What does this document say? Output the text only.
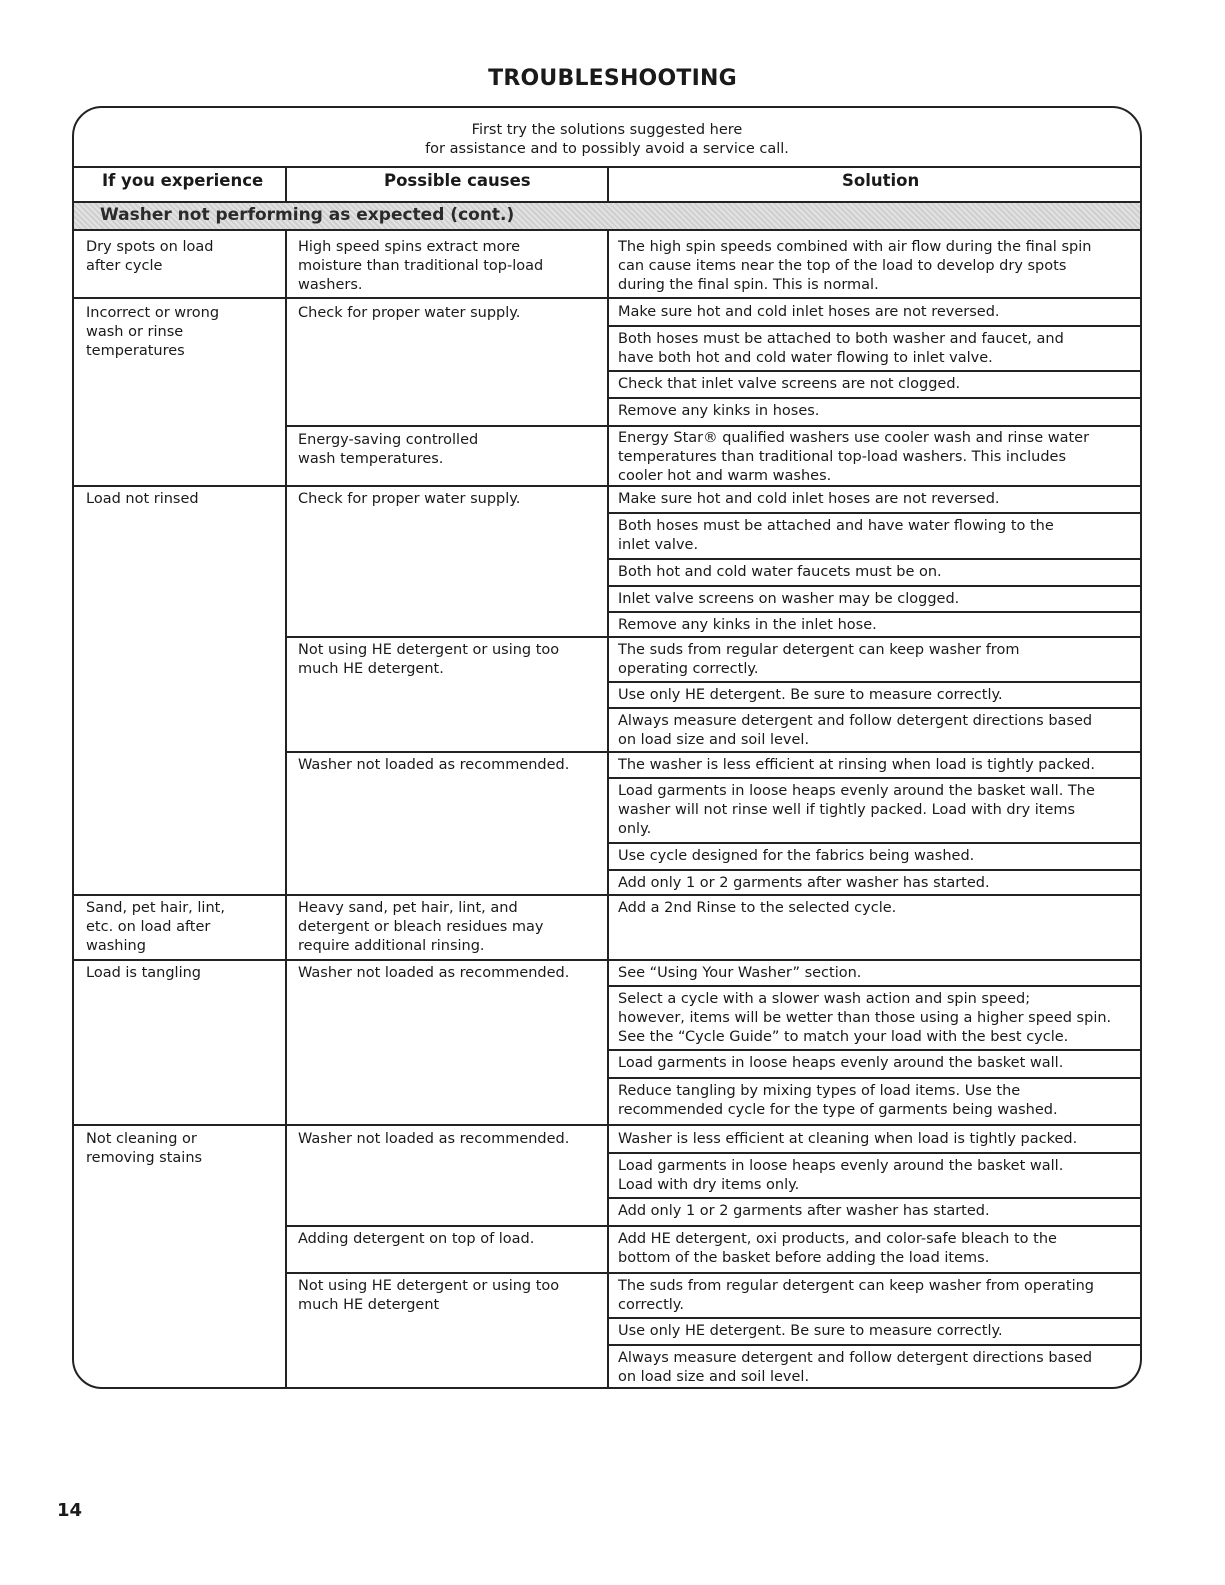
TROUBLESHOOTING
First try the solutions suggested here
for assistance and to possibly avoid a service call.
If you experience	Possible causes	Solution
Washer not performing as expected (cont.)
Dry spots on load
after cycle
Incorrect or wrong
wash or rinse
temperatures
Load not rinsed
Sand, pet hair, lint,
etc. on load after
washing
Load is tangling
Not cleaning or
removing stains
High speed spins extract more
moisture than traditional top-load
washers.
Check for proper water supply.
Energy-saving controlled
wash temperatures.
Check for proper water supply.
Not using HE detergent or using too
much HE detergent.
Washer not loaded as recommended.
Heavy sand, pet hair, lint, and
detergent or bleach residues may
require additional rinsing.
Washer not loaded as recommended.
Washer not loaded as recommended.
Adding detergent on top of load.
Not using HE detergent or using too
much HE detergent
The high spin speeds combined with air flow during the final spin
can cause items near the top of the load to develop dry spots
during the final spin. This is normal.
Make sure hot and cold inlet hoses are not reversed.
Both hoses must be attached to both washer and faucet, and
have both hot and cold water flowing to inlet valve.
Check that inlet valve screens are not clogged.
Remove any kinks in hoses.
Energy Star® qualified washers use cooler wash and rinse water
temperatures than traditional top-load washers. This includes
cooler hot and warm washes.
Make sure hot and cold inlet hoses are not reversed.
Both hoses must be attached and have water flowing to the
inlet valve.
Both hot and cold water faucets must be on.
Inlet valve screens on washer may be clogged.
Remove any kinks in the inlet hose.
The suds from regular detergent can keep washer from
operating correctly.
Use only HE detergent. Be sure to measure correctly.
Always measure detergent and follow detergent directions based
on load size and soil level.
The washer is less efficient at rinsing when load is tightly packed.
Load garments in loose heaps evenly around the basket wall. The
washer will not rinse well if tightly packed. Load with dry items
only.
Use cycle designed for the fabrics being washed.
Add only 1 or 2 garments after washer has started.
Add a 2nd Rinse to the selected cycle.
See “Using Your Washer” section.
Select a cycle with a slower wash action and spin speed;
however, items will be wetter than those using a higher speed spin.
See the “Cycle Guide” to match your load with the best cycle.
Load garments in loose heaps evenly around the basket wall.
Reduce tangling by mixing types of load items. Use the
recommended cycle for the type of garments being washed.
Washer is less efficient at cleaning when load is tightly packed.
Load garments in loose heaps evenly around the basket wall.
Load with dry items only.
Add only 1 or 2 garments after washer has started.
Add HE detergent, oxi products, and color-safe bleach to the
bottom of the basket before adding the load items.
The suds from regular detergent can keep washer from operating
correctly.
Use only HE detergent. Be sure to measure correctly.
Always measure detergent and follow detergent directions based
on load size and soil level.
14
